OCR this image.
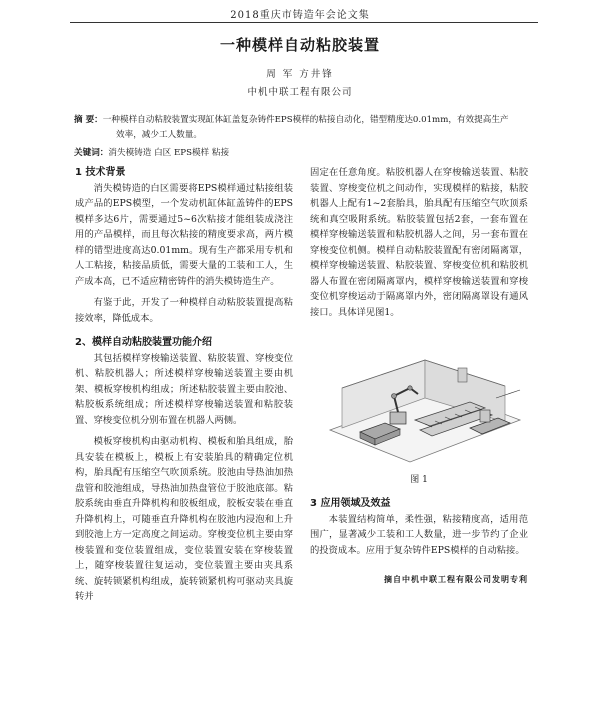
2018重庆市铸造年会论文集
一种模样自动粘胶装置
周 军 方井锋
中机中联工程有限公司
摘 要：一种模样自动粘胶装置实现缸体缸盖复杂铸件EPS模样的粘接自动化，错型精度达0.01mm，有效提高生产
效率，减少工人数量。
关键词：消失模铸造 白区 EPS模样 粘接
1 技术背景

消失模铸造的白区需要将EPS模样通过粘接组装成产品的EPS模型，一个发动机缸体缸盖铸件的EPS模样多达6片，需要通过5~6次粘接才能组装成浇注用的产品模样，而且每次粘接的精度要求高，两片模样的错型进度高达0.01mm。现有生产都采用专机和人工粘接，粘接品质低，需要大量的工装和工人，生产成本高，已不适应精密铸件的消失模铸造生产。

有鉴于此，开发了一种模样自动粘胶装置提高粘接效率，降低成本。

2、模样自动粘胶装置功能介绍

其包括模样穿梭输送装置、粘胶装置、穿梭变位机、粘胶机器人；所述模样穿梭输送装置主要由机架、模板穿梭机构组成；所述粘胶装置主要由胶池、粘胶板系统组成；所述模样穿梭输送装置和粘胶装置、穿梭变位机分别布置在机器人两侧。

模板穿梭机构由驱动机构、模板和胎具组成，胎具安装在模板上，模板上有安装胎具的精确定位机构，胎具配有压缩空气吹顶系统。胶池由导热油加热盘管和胶池组成，导热油加热盘管位于胶池底部。粘胶系统由垂直升降机构和胶板组成，胶板安装在垂直升降机构上，可随垂直升降机构在胶池内浸泡和上升到胶池上方一定高度之间运动。穿梭变位机主要由穿梭装置和变位装置组成，变位装置安装在穿梭装置上，随穿梭装置往复运动，变位装置主要由夹具系统、旋转锁紧机构组成，旋转锁紧机构可驱动夹具旋转并

固定在任意角度。粘胶机器人在穿梭输送装置、粘胶装置、穿梭变位机之间动作，实现模样的粘接，粘胶机器人上配有1~2套胎具，胎具配有压缩空气吹顶系统和真空吸附系统。粘胶装置包括2套，一套布置在模样穿梭输送装置和粘胶机器人之间，另一套布置在穿梭变位机侧。模样自动粘胶装置配有密闭隔离罩，模样穿梭输送装置、粘胶装置、穿梭变位机和粘胶机器人布置在密闭隔离罩内，模样穿梭输送装置和穿梭变位机穿梭运动于隔离罩内外，密闭隔离罩设有通风接口。具体详见图1。

图 1
3 应用领域及效益

本装置结构简单，柔性强，粘接精度高，适用范围广，显著减少工装和工人数量，进一步节约了企业的投资成本。应用于复杂铸件EPS模样的自动粘接。

摘自中机中联工程有限公司发明专利
